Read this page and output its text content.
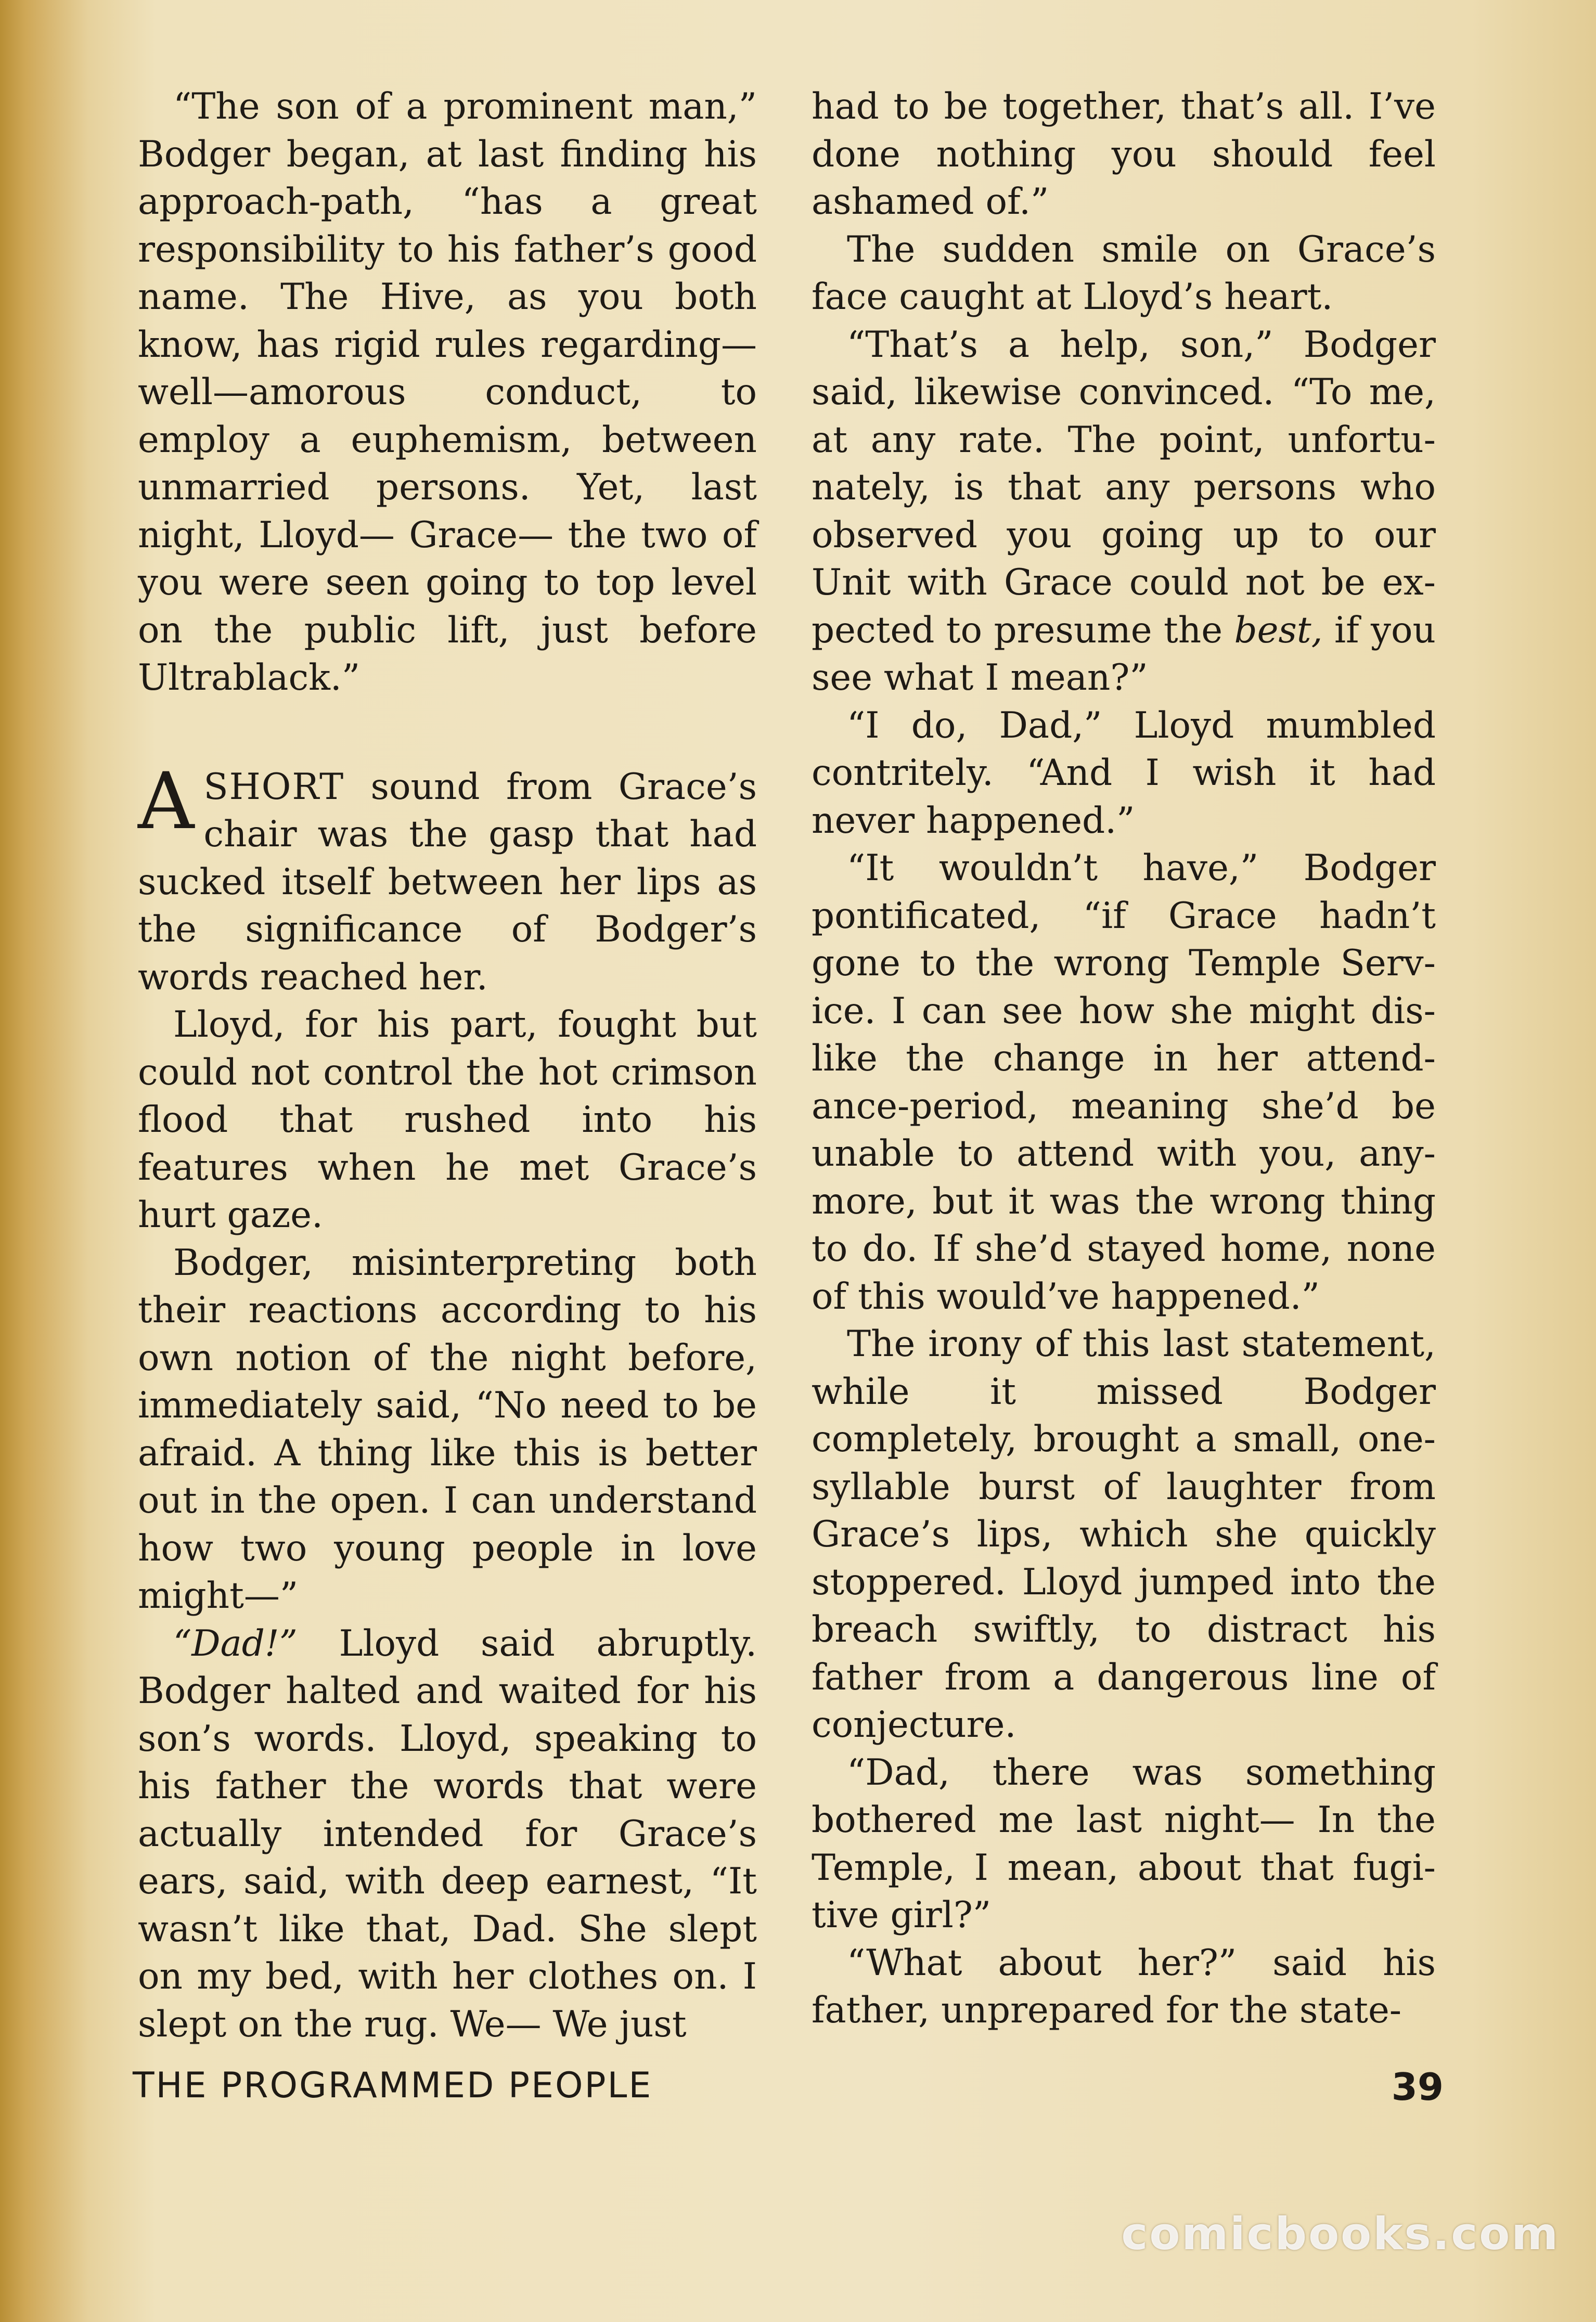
“The son of a prominent man,” Bodger began, at last finding his approach-path, “has a great responsibility to his father’s good name. The Hive, as you both know, has rigid rules regarding—well—amorous conduct, to employ a euphemism, between unmarried persons. Yet, last night, Lloyd— Grace— the two of you were seen going to top level on the public lift, just before Ultrablack.”

ASHORT sound from Grace’s chair was the gasp that had sucked itself between her lips as the significance of Bodger’s words reached her.

Lloyd, for his part, fought but could not control the hot crimson flood that rushed into his features when he met Grace’s hurt gaze.

Bodger, misinterpreting both their reactions according to his own notion of the night before, immediately said, “No need to be afraid. A thing like this is better out in the open. I can understand how two young people in love might—”

“Dad!” Lloyd said abruptly. Bodger halted and waited for his son’s words. Lloyd, speaking to his father the words that were actually intended for Grace’s ears, said, with deep earnest, “It wasn’t like that, Dad. She slept on my bed, with her clothes on. I slept on the rug. We— We just

had to be together, that’s all. I’ve done nothing you should feel ashamed of.”

The sudden smile on Grace’s face caught at Lloyd’s heart.

“That’s a help, son,” Bodger said, likewise convinced. “To me, at any rate. The point, unfortunately, is that any persons who observed you going up to our Unit with Grace could not be expected to presume the best, if you see what I mean?”

“I do, Dad,” Lloyd mumbled contritely. “And I wish it had never happened.”

“It wouldn’t have,” Bodger pontificated, “if Grace hadn’t gone to the wrong Temple Service. I can see how she might dislike the change in her attendance-period, meaning she’d be unable to attend with you, anymore, but it was the wrong thing to do. If she’d stayed home, none of this would’ve happened.”

The irony of this last statement, while it missed Bodger completely, brought a small, one-syllable burst of laughter from Grace’s lips, which she quickly stoppered. Lloyd jumped into the breach swiftly, to distract his father from a dangerous line of conjecture.

“Dad, there was something bothered me last night— In the Temple, I mean, about that fugitive girl?”

“What about her?” said his father, unprepared for the state-

THE PROGRAMMED PEOPLE	39
comicbooks.com
